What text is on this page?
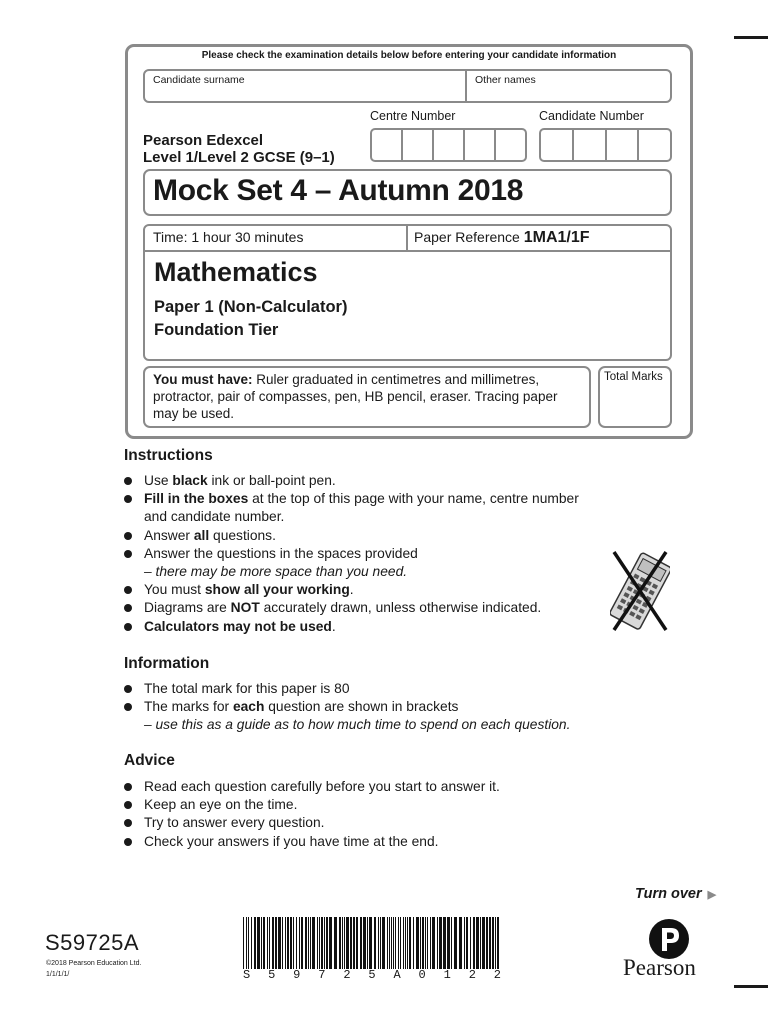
Please check the examination details below before entering your candidate information
Candidate surname	Other names
Centre Number	Candidate Number
Pearson Edexcel
Level 1/Level 2 GCSE (9–1)
Mock Set 4 – Autumn 2018
Time: 1 hour 30 minutes	Paper Reference 1MA1/1F
Mathematics
Paper 1 (Non-Calculator)
Foundation Tier
You must have: Ruler graduated in centimetres and millimetres, protractor, pair of compasses, pen, HB pencil, eraser. Tracing paper may be used.
Total Marks
Instructions
Use black ink or ball-point pen.
Fill in the boxes at the top of this page with your name, centre number and candidate number.
Answer all questions.
Answer the questions in the spaces provided
– there may be more space than you need.
You must show all your working.
Diagrams are NOT accurately drawn, unless otherwise indicated.
Calculators may not be used.
Information
The total mark for this paper is 80
The marks for each question are shown in brackets
– use this as a guide as to how much time to spend on each question.
Advice
Read each question carefully before you start to answer it.
Keep an eye on the time.
Try to answer every question.
Check your answers if you have time at the end.
Turn over ▶
S59725A
©2018 Pearson Education Ltd.
1/1/1/1/	S 5 9 7 2 5 A 0 1 2 2	Pearson
